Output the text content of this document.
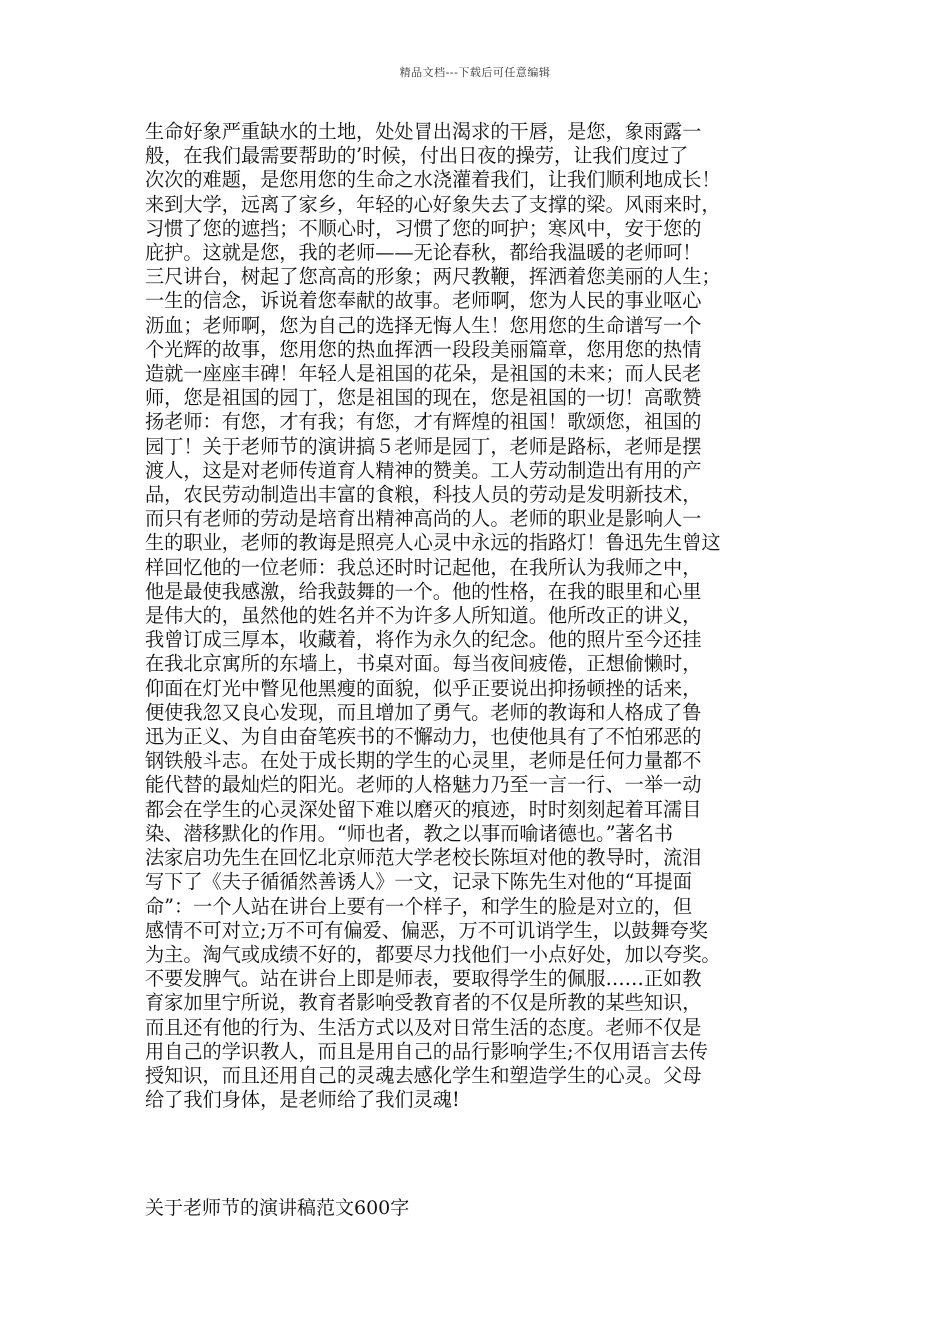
精品文档---下载后可任意编辑
生命好象严重缺水的土地，处处冒出渴求的干唇，是您，象雨露一
般，在我们最需要帮助的’时候，付出日夜的操劳，让我们度过了
次次的难题，是您用您的生命之水浇灌着我们，让我们顺利地成长！
来到大学，远离了家乡，年轻的心好象失去了支撑的梁。风雨来时，
习惯了您的遮挡；不顺心时，习惯了您的呵护；寒风中，安于您的
庇护。这就是您，我的老师——无论春秋，都给我温暖的老师呵！
三尺讲台，树起了您高高的形象；两尺教鞭，挥洒着您美丽的人生；
一生的信念，诉说着您奉献的故事。老师啊，您为人民的事业呕心
沥血；老师啊，您为自己的选择无悔人生！您用您的生命谱写一个
个光辉的故事，您用您的热血挥洒一段段美丽篇章，您用您的热情
造就一座座丰碑！年轻人是祖国的花朵，是祖国的未来；而人民老
师，您是祖国的园丁，您是祖国的现在，您是祖国的一切！高歌赞
扬老师：有您，才有我；有您，才有辉煌的祖国！歌颂您，祖国的
园丁！关于老师节的演讲搞５老师是园丁，老师是路标，老师是摆
渡人，这是对老师传道育人精神的赞美。工人劳动制造出有用的产
品，农民劳动制造出丰富的食粮，科技人员的劳动是发明新技术，
而只有老师的劳动是培育出精神高尚的人。老师的职业是影响人一
生的职业，老师的教诲是照亮人心灵中永远的指路灯！鲁迅先生曾这
样回忆他的一位老师：我总还时时记起他，在我所认为我师之中，
他是最使我感激，给我鼓舞的一个。他的性格，在我的眼里和心里
是伟大的，虽然他的姓名并不为许多人所知道。他所改正的讲义，
我曾订成三厚本，收藏着，将作为永久的纪念。他的照片至今还挂
在我北京寓所的东墙上，书桌对面。每当夜间疲倦，正想偷懒时，
仰面在灯光中瞥见他黑瘦的面貌，似乎正要说出抑扬顿挫的话来，
便使我忽又良心发现，而且增加了勇气。老师的教诲和人格成了鲁
迅为正义、为自由奋笔疾书的不懈动力，也使他具有了不怕邪恶的
钢铁般斗志。在处于成长期的学生的心灵里，老师是任何力量都不
能代替的最灿烂的阳光。老师的人格魅力乃至一言一行、一举一动
都会在学生的心灵深处留下难以磨灭的痕迹，时时刻刻起着耳濡目
染、潜移默化的作用。“师也者，教之以事而喻诸德也。”著名书
法家启功先生在回忆北京师范大学老校长陈垣对他的教导时，流泪
写下了《夫子循循然善诱人》一文，记录下陈先生对他的“耳提面
命”：一个人站在讲台上要有一个样子，和学生的脸是对立的，但
感情不可对立;万不可有偏爱、偏恶，万不可讥诮学生，以鼓舞夸奖
为主。淘气或成绩不好的，都要尽力找他们一小点好处，加以夸奖。
不要发脾气。站在讲台上即是师表，要取得学生的佩服……正如教
育家加里宁所说，教育者影响受教育者的不仅是所教的某些知识，
而且还有他的行为、生活方式以及对日常生活的态度。老师不仅是
用自己的学识教人，而且是用自己的品行影响学生;不仅用语言去传
授知识，而且还用自己的灵魂去感化学生和塑造学生的心灵。父母
给了我们身体，是老师给了我们灵魂!
关于老师节的演讲稿范文600字
